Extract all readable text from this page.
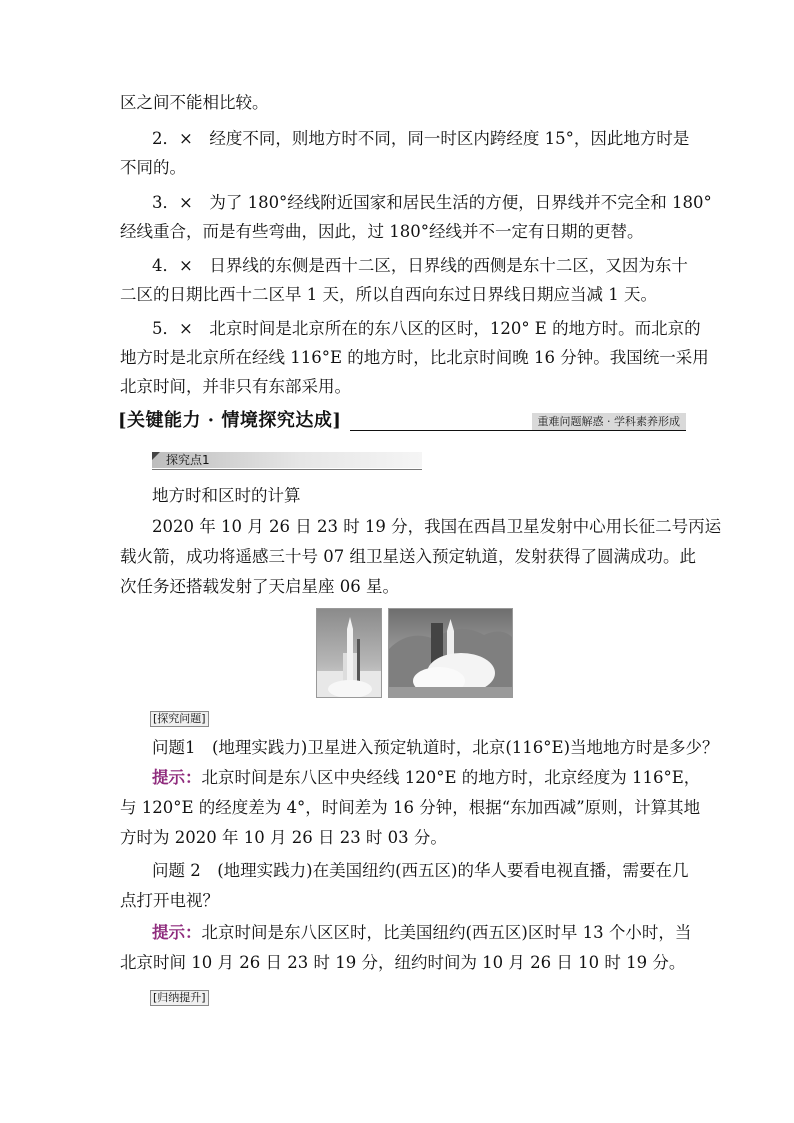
区之间不能相比较。
2．×　经度不同，则地方时不同，同一时区内跨经度 15°，因此地方时是
不同的。
3．×　为了 180°经线附近国家和居民生活的方便，日界线并不完全和 180°
经线重合，而是有些弯曲，因此，过 180°经线并不一定有日期的更替。
4．×　日界线的东侧是西十二区，日界线的西侧是东十二区，又因为东十
二区的日期比西十二区早 1 天，所以自西向东过日界线日期应当减 1 天。
5．×　北京时间是北京所在的东八区的区时，120° E 的地方时。而北京的
地方时是北京所在经线 116°E 的地方时，比北京时间晚 16 分钟。我国统一采用
北京时间，并非只有东部采用。
[关键能力 · 情境探究达成]	重难问题解惑 · 学科素养形成
探究点1
地方时和区时的计算
2020 年 10 月 26 日 23 时 19 分，我国在西昌卫星发射中心用长征二号丙运
载火箭，成功将遥感三十号 07 组卫星送入预定轨道，发射获得了圆满成功。此
次任务还搭载发射了天启星座 06 星。
[探究问题]
问题1　(地理实践力)卫星进入预定轨道时，北京(116°E)当地地方时是多少？
提示：北京时间是东八区中央经线 120°E 的地方时，北京经度为 116°E，
与 120°E 的经度差为 4°，时间差为 16 分钟，根据“东加西减”原则，计算其地
方时为 2020 年 10 月 26 日 23 时 03 分。
问题 2　(地理实践力)在美国纽约(西五区)的华人要看电视直播，需要在几
点打开电视？
提示：北京时间是东八区区时，比美国纽约(西五区)区时早 13 个小时，当
北京时间 10 月 26 日 23 时 19 分，纽约时间为 10 月 26 日 10 时 19 分。
[归纳提升]
